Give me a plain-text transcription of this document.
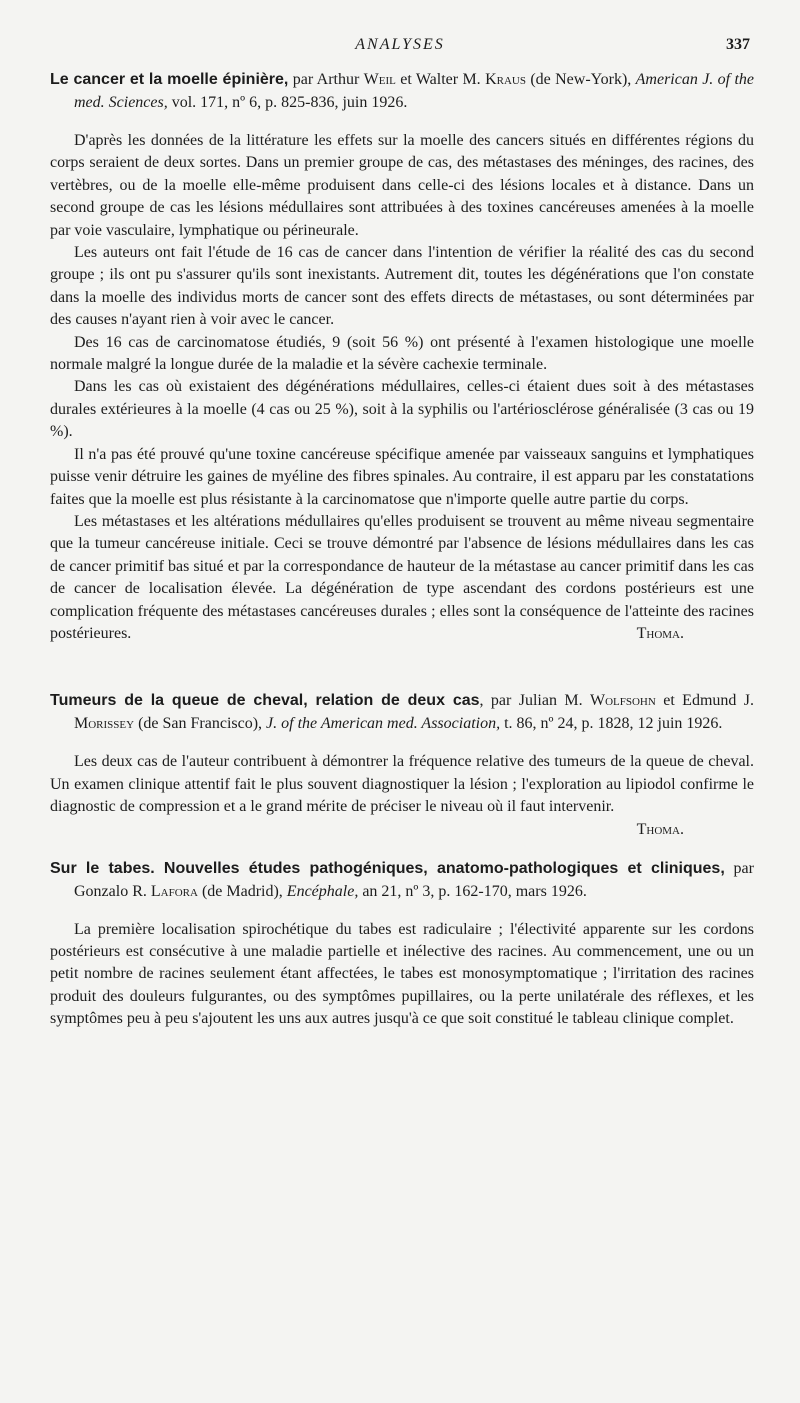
ANALYSES	337

Le cancer et la moelle épinière, par Arthur Weil et Walter M. Kraus (de New-York), American J. of the med. Sciences, vol. 171, nº 6, p. 825-836, juin 1926.

D'après les données de la littérature les effets sur la moelle des cancers situés en différentes régions du corps seraient de deux sortes. Dans un premier groupe de cas, des métastases des méninges, des racines, des vertèbres, ou de la moelle elle-même produisent dans celle-ci des lésions locales et à distance. Dans un second groupe de cas les lésions médullaires sont attribuées à des toxines cancéreuses amenées à la moelle par voie vasculaire, lymphatique ou périneurale.

Les auteurs ont fait l'étude de 16 cas de cancer dans l'intention de vérifier la réalité des cas du second groupe ; ils ont pu s'assurer qu'ils sont inexistants. Autrement dit, toutes les dégénérations que l'on constate dans la moelle des individus morts de cancer sont des effets directs de métastases, ou sont déterminées par des causes n'ayant rien à voir avec le cancer.

Des 16 cas de carcinomatose étudiés, 9 (soit 56 %) ont présenté à l'examen histologique une moelle normale malgré la longue durée de la maladie et la sévère cachexie terminale.

Dans les cas où existaient des dégénérations médullaires, celles-ci étaient dues soit à des métastases durales extérieures à la moelle (4 cas ou 25 %), soit à la syphilis ou l'artériosclérose généralisée (3 cas ou 19 %).

Il n'a pas été prouvé qu'une toxine cancéreuse spécifique amenée par vaisseaux sanguins et lymphatiques puisse venir détruire les gaines de myéline des fibres spinales. Au contraire, il est apparu par les constatations faites que la moelle est plus résistante à la carcinomatose que n'importe quelle autre partie du corps.

Les métastases et les altérations médullaires qu'elles produisent se trouvent au même niveau segmentaire que la tumeur cancéreuse initiale. Ceci se trouve démontré par l'absence de lésions médullaires dans les cas de cancer primitif bas situé et par la correspondance de hauteur de la métastase au cancer primitif dans les cas de cancer de localisation élevée. La dégénération de type ascendant des cordons postérieurs est une complication fréquente des métastases cancéreuses durales ; elles sont la conséquence de l'atteinte des racines postérieures.	Thoma.

Tumeurs de la queue de cheval, relation de deux cas, par Julian M. Wolfsohn et Edmund J. Morissey (de San Francisco), J. of the American med. Association, t. 86, nº 24, p. 1828, 12 juin 1926.

Les deux cas de l'auteur contribuent à démontrer la fréquence relative des tumeurs de la queue de cheval. Un examen clinique attentif fait le plus souvent diagnostiquer la lésion ; l'exploration au lipiodol confirme le diagnostic de compression et a le grand mérite de préciser le niveau où il faut intervenir.
Thoma.

Sur le tabes. Nouvelles études pathogéniques, anatomo-pathologiques et cliniques, par Gonzalo R. Lafora (de Madrid), Encéphale, an 21, nº 3, p. 162-170, mars 1926.

La première localisation spirochétique du tabes est radiculaire ; l'électivité apparente sur les cordons postérieurs est consécutive à une maladie partielle et inélective des racines. Au commencement, une ou un petit nombre de racines seulement étant affectées, le tabes est monosymptomatique ; l'irritation des racines produit des douleurs fulgurantes, ou des symptômes pupillaires, ou la perte unilatérale des réflexes, et les symptômes peu à peu s'ajoutent les uns aux autres jusqu'à ce que soit constitué le tableau clinique complet.
